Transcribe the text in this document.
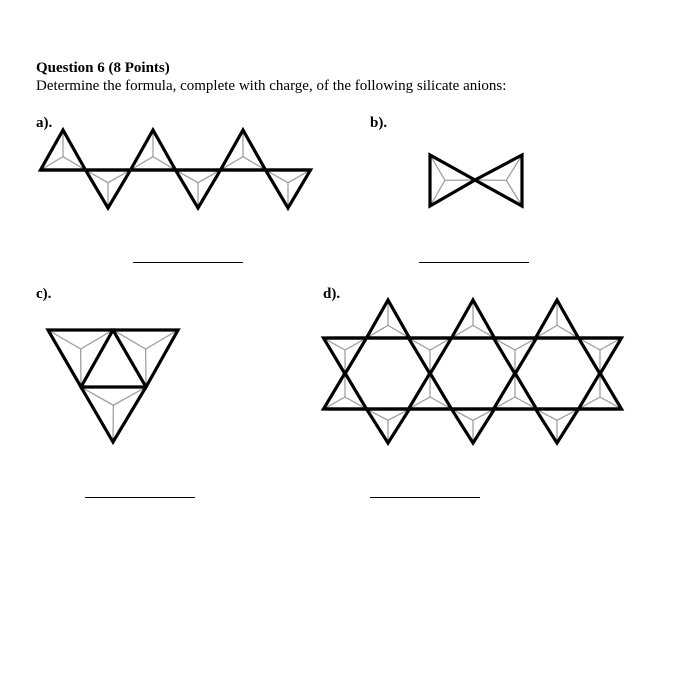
Question 6 (8 Points)
Determine the formula, complete with charge, of the following silicate anions:
a).	b).
c).	d).
